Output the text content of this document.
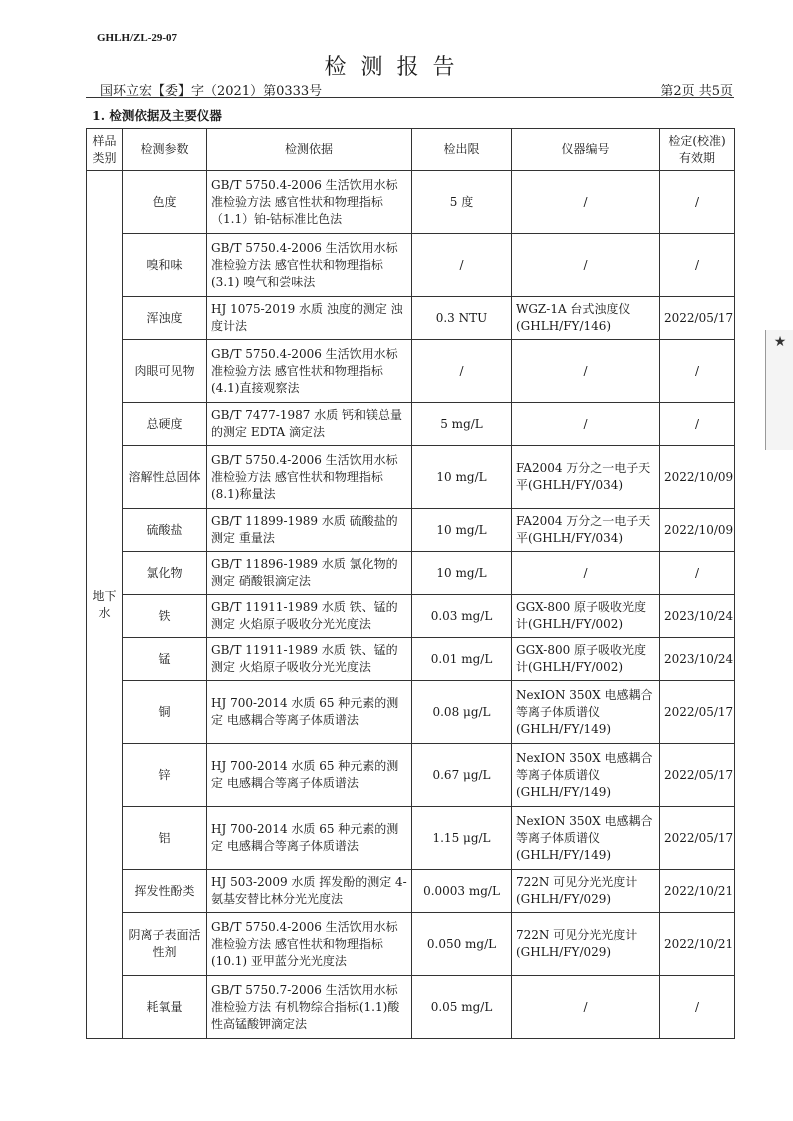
GHLH/ZL-29-07
检测报告
国环立宏【委】字（2021）第0333号	第2页 共5页
1. 检测依据及主要仪器
样品类别	检测参数	检测依据	检出限	仪器编号	检定(校准)有效期
地下水	色度	GB/T 5750.4-2006 生活饮用水标准检验方法 感官性状和物理指标 （1.1）铂-钴标准比色法	5 度	/	/
	嗅和味	GB/T 5750.4-2006 生活饮用水标准检验方法 感官性状和物理指标(3.1) 嗅气和尝味法	/	/	/
	浑浊度	HJ 1075-2019 水质 浊度的测定 浊度计法	0.3 NTU	WGZ-1A 台式浊度仪(GHLH/FY/146)	2022/05/17
	肉眼可见物	GB/T 5750.4-2006 生活饮用水标准检验方法 感官性状和物理指标(4.1)直接观察法	/	/	/
	总硬度	GB/T 7477-1987 水质 钙和镁总量的测定 EDTA 滴定法	5 mg/L	/	/
	溶解性总固体	GB/T 5750.4-2006 生活饮用水标准检验方法 感官性状和物理指标 (8.1)称量法	10 mg/L	FA2004 万分之一电子天平(GHLH/FY/034)	2022/10/09
	硫酸盐	GB/T 11899-1989 水质 硫酸盐的测定 重量法	10 mg/L	FA2004 万分之一电子天平(GHLH/FY/034)	2022/10/09
	氯化物	GB/T 11896-1989 水质 氯化物的测定 硝酸银滴定法	10 mg/L	/	/
	铁	GB/T 11911-1989 水质 铁、锰的测定 火焰原子吸收分光光度法	0.03 mg/L	GGX-800 原子吸收光度计(GHLH/FY/002)	2023/10/24
	锰	GB/T 11911-1989 水质 铁、锰的测定 火焰原子吸收分光光度法	0.01 mg/L	GGX-800 原子吸收光度计(GHLH/FY/002)	2023/10/24
	铜	HJ 700-2014 水质 65 种元素的测定 电感耦合等离子体质谱法	0.08 μg/L	NexION 350X 电感耦合等离子体质谱仪(GHLH/FY/149)	2022/05/17
	锌	HJ 700-2014 水质 65 种元素的测定 电感耦合等离子体质谱法	0.67 μg/L	NexION 350X 电感耦合等离子体质谱仪(GHLH/FY/149)	2022/05/17
	铝	HJ 700-2014 水质 65 种元素的测定 电感耦合等离子体质谱法	1.15 μg/L	NexION 350X 电感耦合等离子体质谱仪(GHLH/FY/149)	2022/05/17
	挥发性酚类	HJ 503-2009 水质 挥发酚的测定 4-氨基安替比林分光光度法	0.0003 mg/L	722N 可见分光光度计(GHLH/FY/029)	2022/10/21
	阴离子表面活性剂	GB/T 5750.4-2006 生活饮用水标准检验方法 感官性状和物理指标(10.1) 亚甲蓝分光光度法	0.050 mg/L	722N 可见分光光度计(GHLH/FY/029)	2022/10/21
	耗氧量	GB/T 5750.7-2006 生活饮用水标准检验方法 有机物综合指标(1.1)酸性高锰酸钾滴定法	0.05 mg/L	/	/
★
